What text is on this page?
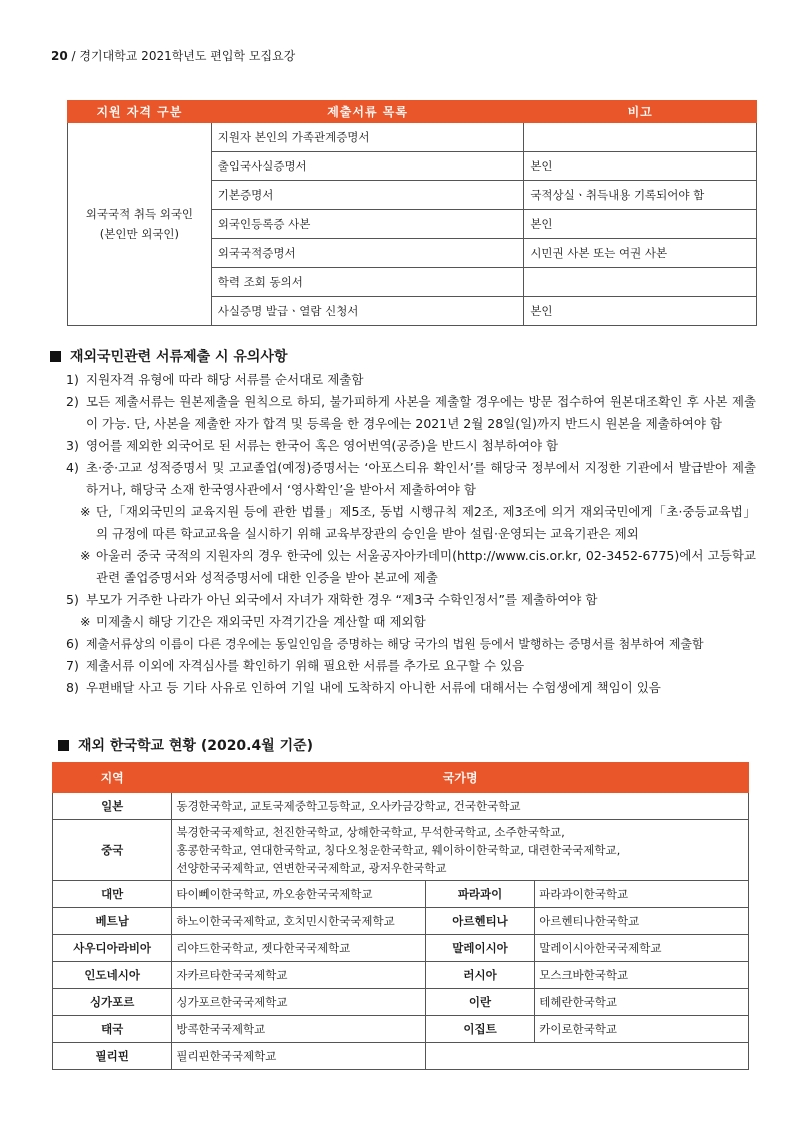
20 / 경기대학교 2021학년도 편입학 모집요강
지원 자격 구분	제출서류 목록	비고

외국국적 취득 외국인
(본인만 외국인)	지원자 본인의 가족관계증명서	
	출입국사실증명서	본인
	기본증명서	국적상실ㆍ취득내용 기록되어야 함
	외국인등록증 사본	본인
	외국국적증명서	시민권 사본 또는 여권 사본
	학력 조회 동의서	
	사실증명 발급ㆍ열람 신청서	본인
재외국민관련 서류제출 시 유의사항
1) 지원자격 유형에 따라 해당 서류를 순서대로 제출함
2) 모든 제출서류는 원본제출을 원칙으로 하되, 불가피하게 사본을 제출할 경우에는 방문 접수하여 원본대조확인 후 사본 제출이 가능. 단, 사본을 제출한 자가 합격 및 등록을 한 경우에는 2021년 2월 28일(일)까지 반드시 원본을 제출하여야 함
3) 영어를 제외한 외국어로 된 서류는 한국어 혹은 영어번역(공증)을 반드시 첨부하여야 함
4) 초·중·고교 성적증명서 및 고교졸업(예정)증명서는 ‘아포스티유 확인서’를 해당국 정부에서 지정한 기관에서 발급받아 제출하거나, 해당국 소재 한국영사관에서 ‘영사확인’을 받아서 제출하여야 함
※ 단,「재외국민의 교육지원 등에 관한 법률」제5조, 동법 시행규칙 제2조, 제3조에 의거 재외국민에게「초·중등교육법」의 규정에 따른 학교교육을 실시하기 위해 교육부장관의 승인을 받아 설립·운영되는 교육기관은 제외
※ 아울러 중국 국적의 지원자의 경우 한국에 있는 서울공자아카데미(http://www.cis.or.kr, 02-3452-6775)에서 고등학교 관련 졸업증명서와 성적증명서에 대한 인증을 받아 본교에 제출
5) 부모가 거주한 나라가 아닌 외국에서 자녀가 재학한 경우 “제3국 수학인정서”를 제출하여야 함
※ 미제출시 해당 기간은 재외국민 자격기간을 계산할 때 제외함
6) 제출서류상의 이름이 다른 경우에는 동일인임을 증명하는 해당 국가의 법원 등에서 발행하는 증명서를 첨부하여 제출함
7) 제출서류 이외에 자격심사를 확인하기 위해 필요한 서류를 추가로 요구할 수 있음
8) 우편배달 사고 등 기타 사유로 인하여 기일 내에 도착하지 아니한 서류에 대해서는 수험생에게 책임이 있음
재외 한국학교 현황 (2020.4월 기준)
지역	국가명		
일본	동경한국학교, 교토국제중학고등학교, 오사카금강학교, 건국한국학교		
중국	북경한국국제학교, 천진한국학교, 상해한국학교, 무석한국학교, 소주한국학교,
홍콩한국학교, 연대한국학교, 칭다오청운한국학교, 웨이하이한국학교, 대련한국국제학교,
선양한국국제학교, 연변한국국제학교, 광저우한국학교		

대만	타이뻬이한국학교, 까오숑한국국제학교	파라과이	파라과이한국학교
베트남	하노이한국국제학교, 호치민시한국국제학교	아르헨티나	아르헨티나한국학교
사우디아라비아	리야드한국학교, 젯다한국국제학교	말레이시아	말레이시아한국국제학교
인도네시아	자카르타한국국제학교	러시아	모스크바한국학교
싱가포르	싱가포르한국국제학교	이란	테헤란한국학교
태국	방콕한국국제학교	이집트	카이로한국학교
필리핀	필리핀한국국제학교		
